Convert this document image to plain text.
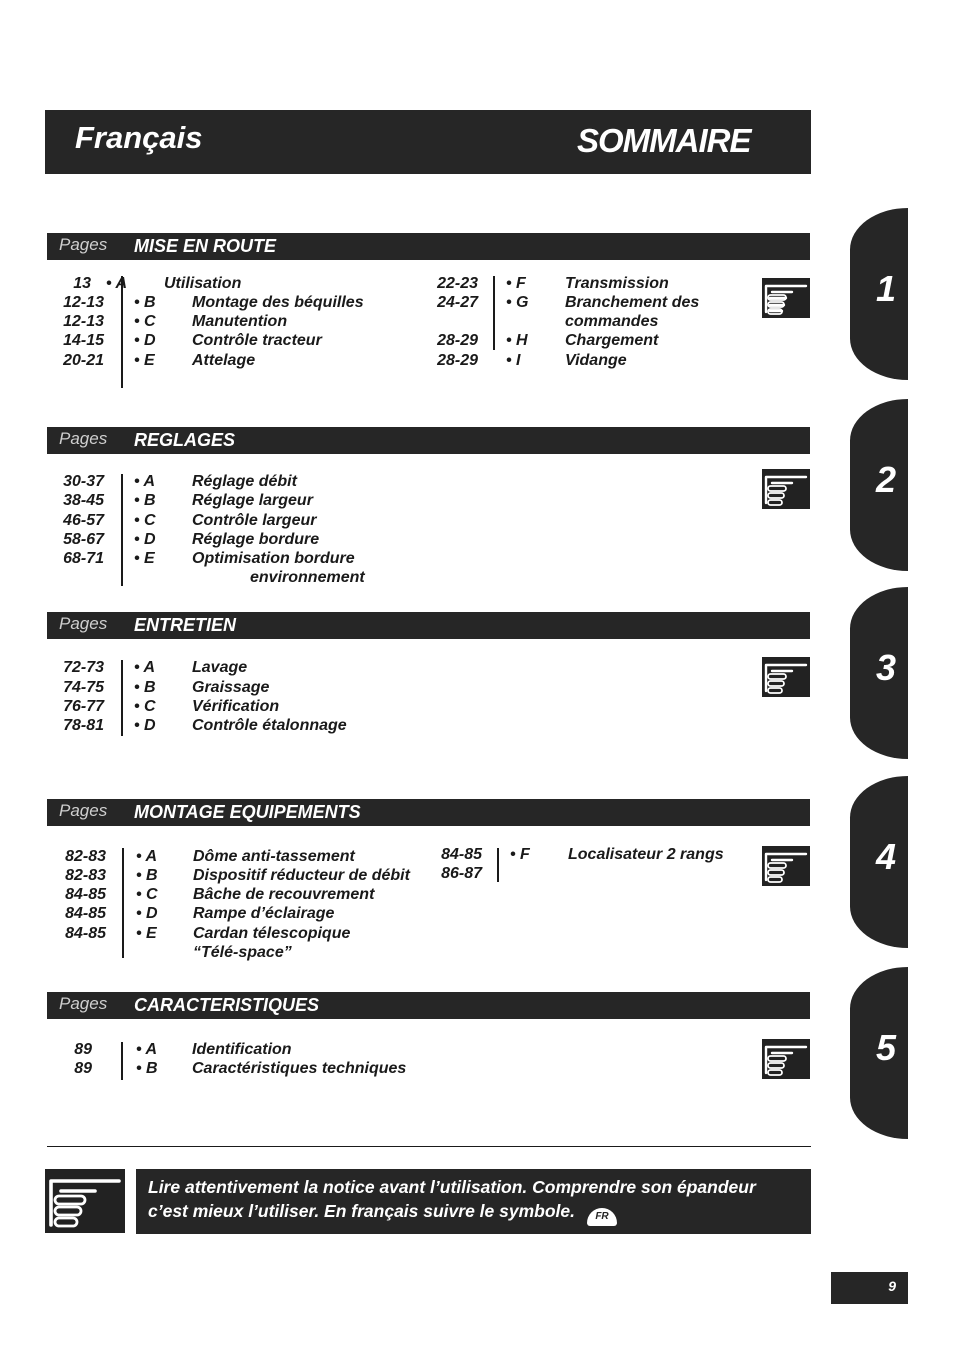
Français	SOMMAIRE
Pages MISE EN ROUTE
13 • A Utilisation
12-13 • B Montage des béquilles
12-13 • C Manutention
14-15 • D Contrôle tracteur
20-21 • E Attelage
22-23 • F Transmission
24-27 • G Branchement des
commandes
28-29 • H Chargement
28-29 • I	Vidange
Pages REGLAGES
30-37 • A Réglage débit
38-45 • B Réglage largeur
46-57 • C Contrôle largeur
58-67 • D Réglage bordure
68-71 • E Optimisation bordure
environnement
Pages ENTRETIEN
72-73 • A Lavage
74-75 • B Graissage
76-77 • C Vérification
78-81 • D Contrôle étalonnage
Pages MONTAGE EQUIPEMENTS
82-83 • A Dôme anti-tassement
82-83 • B Dispositif réducteur de débit
84-85 • C Bâche de recouvrement
84-85 • D Rampe d’éclairage
84-85 • E Cardan télescopique
“Télé-space”
84-85 • F Localisateur 2 rangs
86-87
Pages CARACTERISTIQUES
89	• A Identification
89	• B Caractéristiques techniques
1
2
3
4
5
Lire attentivement la notice avant l’utilisation. Comprendre son épandeur
c’est mieux l’utiliser. En français suivre le symbole. FR
9
